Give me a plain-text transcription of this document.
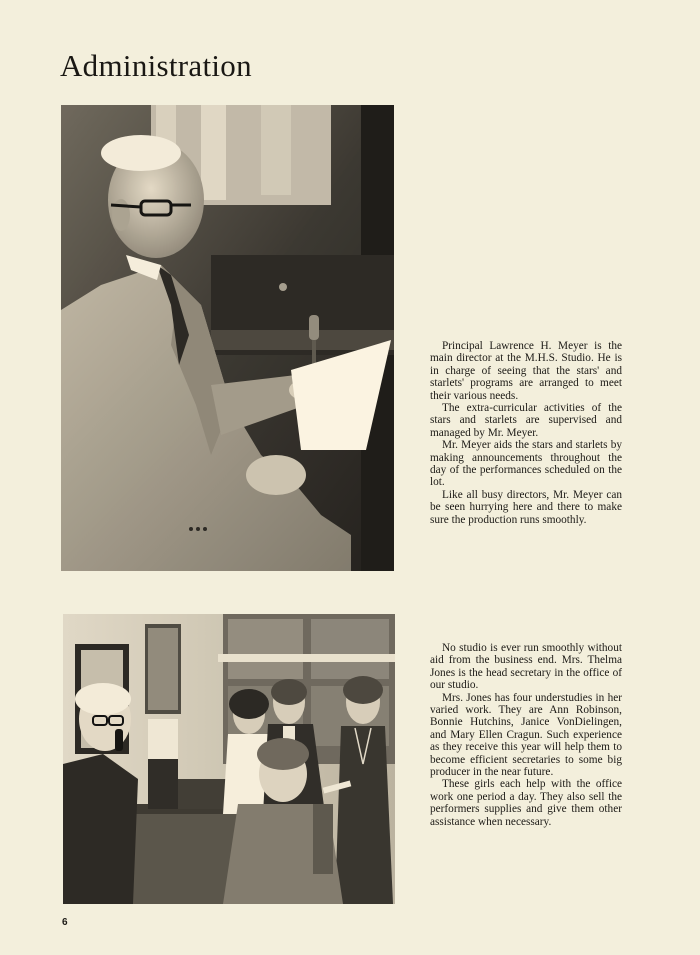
Administration

Principal Lawrence H. Meyer is the main director at the M.H.S. Studio. He is in charge of seeing that the stars' and starlets' programs are arranged to meet their various needs.

The extra-curricular activities of the stars and starlets are supervised and managed by Mr. Meyer.

Mr. Meyer aids the stars and starlets by making announcements throughout the day of the performances scheduled on the lot.

Like all busy directors, Mr. Meyer can be seen hurrying here and there to make sure the production runs smoothly.

No studio is ever run smoothly without aid from the business end. Mrs. Thelma Jones is the head secretary in the office of our studio.

Mrs. Jones has four understudies in her varied work. They are Ann Robinson, Bonnie Hutchins, Janice VonDielingen, and Mary Ellen Cragun. Such experience as they receive this year will help them to become efficient secretaries to some big producer in the near future.

These girls each help with the office work one period a day. They also sell the performers supplies and give them other assistance when necessary.

6
